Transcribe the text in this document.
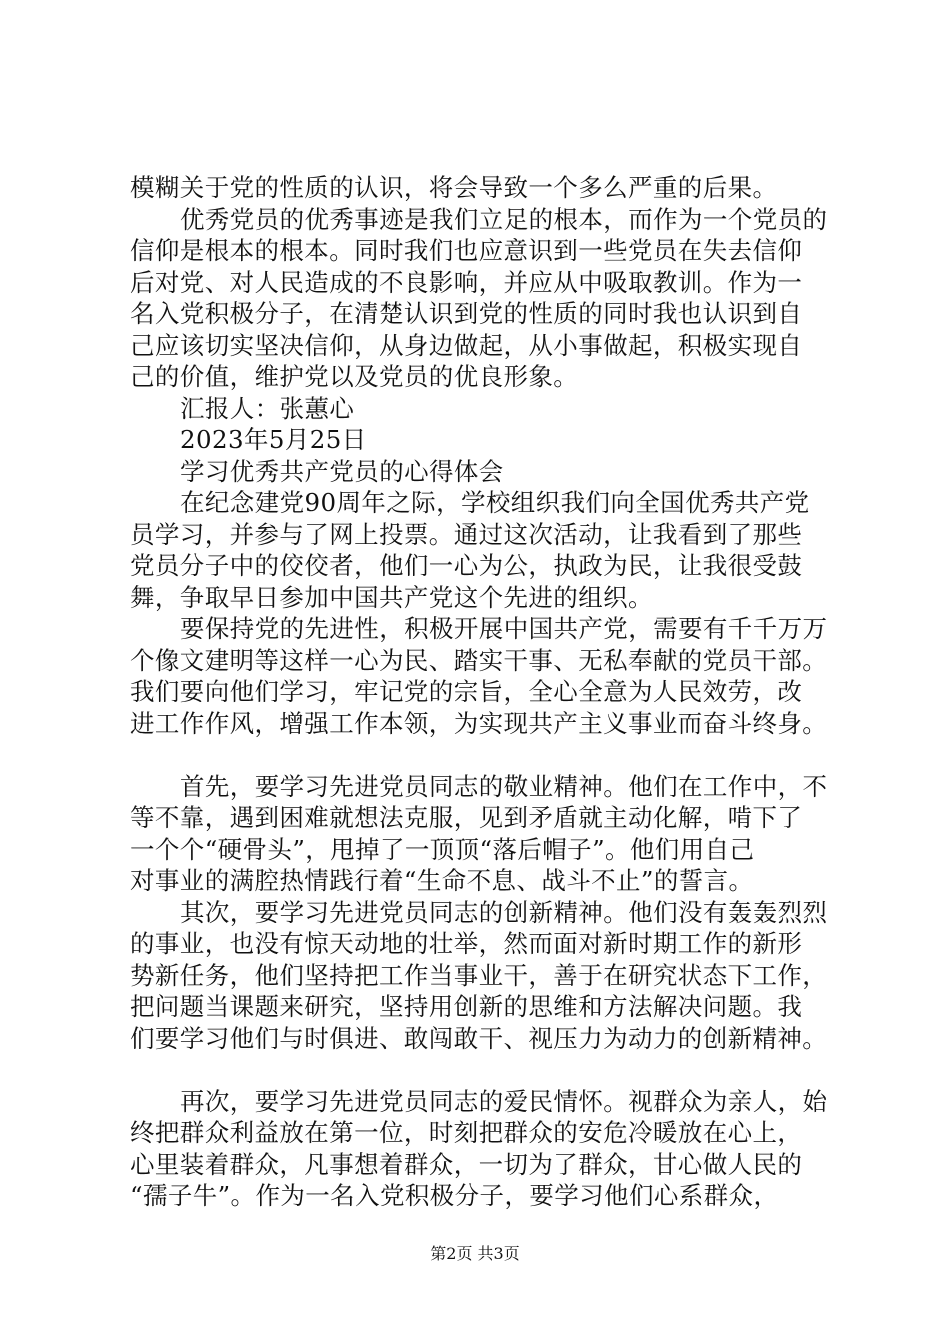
模糊关于党的性质的认识，将会导致一个多么严重的后果。
优秀党员的优秀事迹是我们立足的根本，而作为一个党员的
信仰是根本的根本。同时我们也应意识到一些党员在失去信仰
后对党、对人民造成的不良影响，并应从中吸取教训。作为一
名入党积极分子，在清楚认识到党的性质的同时我也认识到自
己应该切实坚决信仰，从身边做起，从小事做起，积极实现自
己的价值，维护党以及党员的优良形象。
汇报人：张蕙心
2023年5月25日
学习优秀共产党员的心得体会
在纪念建党90周年之际，学校组织我们向全国优秀共产党
员学习，并参与了网上投票。通过这次活动，让我看到了那些
党员分子中的佼佼者，他们一心为公，执政为民，让我很受鼓
舞，争取早日参加中国共产党这个先进的组织。
要保持党的先进性，积极开展中国共产党，需要有千千万万
个像文建明等这样一心为民、踏实干事、无私奉献的党员干部。
我们要向他们学习，牢记党的宗旨，全心全意为人民效劳，改
进工作作风，增强工作本领，为实现共产主义事业而奋斗终身。
首先，要学习先进党员同志的敬业精神。他们在工作中，不
等不靠，遇到困难就想法克服，见到矛盾就主动化解，啃下了
一个个“硬骨头”，甩掉了一顶顶“落后帽子”。他们用自己
对事业的满腔热情践行着“生命不息、战斗不止”的誓言。
其次，要学习先进党员同志的创新精神。他们没有轰轰烈烈
的事业，也没有惊天动地的壮举，然而面对新时期工作的新形
势新任务，他们坚持把工作当事业干，善于在研究状态下工作，
把问题当课题来研究，坚持用创新的思维和方法解决问题。我
们要学习他们与时俱进、敢闯敢干、视压力为动力的创新精神。
再次，要学习先进党员同志的爱民情怀。视群众为亲人，始
终把群众利益放在第一位，时刻把群众的安危冷暖放在心上，
心里装着群众，凡事想着群众，一切为了群众，甘心做人民的
“孺子牛”。作为一名入党积极分子，要学习他们心系群众，
第2页 共3页
